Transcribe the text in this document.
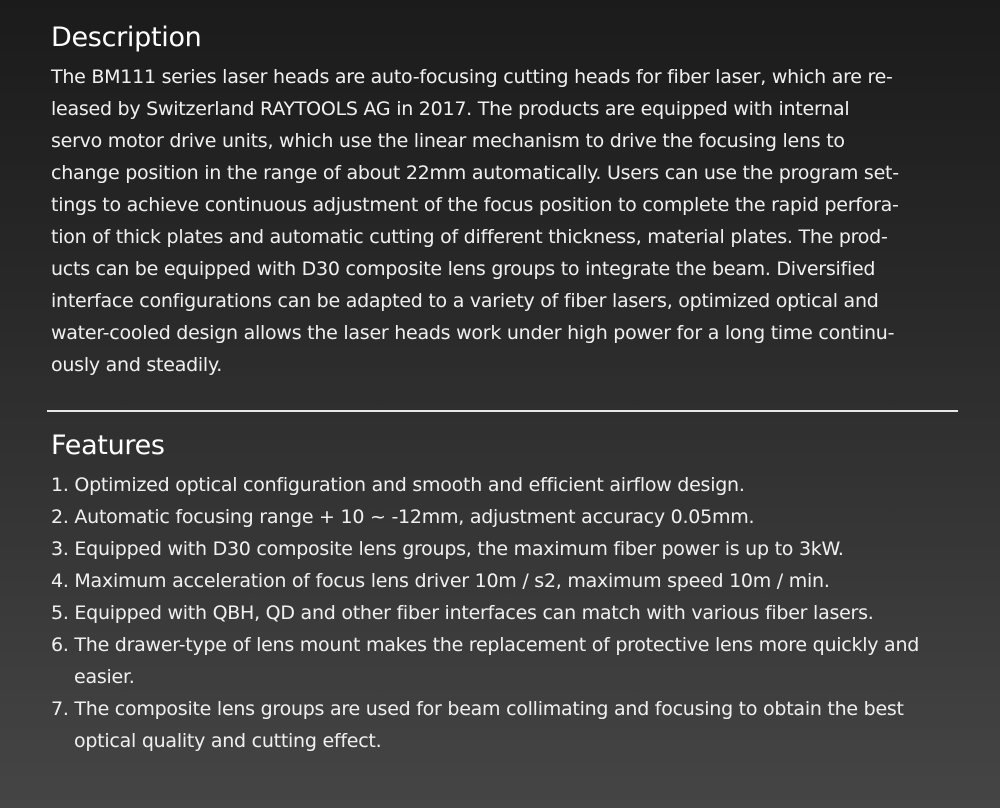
Description

The BM111 series laser heads are auto-focusing cutting heads for fiber laser, which are re-
leased by Switzerland RAYTOOLS AG in 2017. The products are equipped with internal
servo motor drive units, which use the linear mechanism to drive the focusing lens to
change position in the range of about 22mm automatically. Users can use the program set-
tings to achieve continuous adjustment of the focus position to complete the rapid perfora-
tion of thick plates and automatic cutting of different thickness, material plates. The prod-
ucts can be equipped with D30 composite lens groups to integrate the beam. Diversified
interface configurations can be adapted to a variety of fiber lasers, optimized optical and
water-cooled design allows the laser heads work under high power for a long time continu-
ously and steadily.

Features
1. Optimized optical configuration and smooth and efficient airflow design.
2. Automatic focusing range + 10 ~ -12mm, adjustment accuracy 0.05mm.
3. Equipped with D30 composite lens groups, the maximum fiber power is up to 3kW.
4. Maximum acceleration of focus lens driver 10m / s2, maximum speed 10m / min.
5. Equipped with QBH, QD and other fiber interfaces can match with various fiber lasers.
6. The drawer-type of lens mount makes the replacement of protective lens more quickly and easier.
7. The composite lens groups are used for beam collimating and focusing to obtain the best optical quality and cutting effect.
